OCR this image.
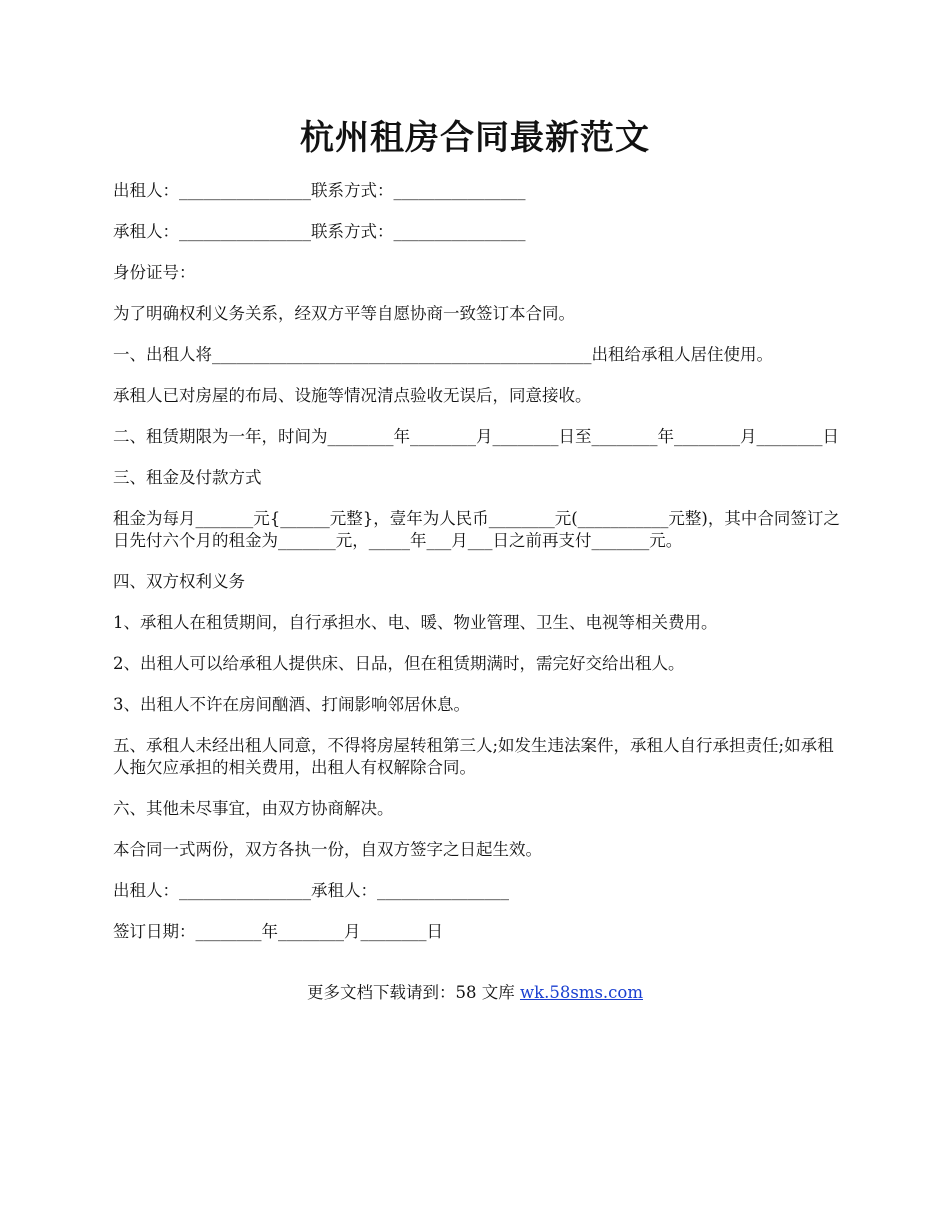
杭州租房合同最新范文

出租人：________________联系方式：________________

承租人：________________联系方式：________________

身份证号：

为了明确权利义务关系，经双方平等自愿协商一致签订本合同。

一、出租人将______________________________________________出租给承租人居住使用。

承租人已对房屋的布局、设施等情况清点验收无误后，同意接收。

二、租赁期限为一年，时间为________年________月________日至________年________月________日

三、租金及付款方式

租金为每月_______元{______元整}，壹年为人民币________元(___________元整)，其中合同签订之日先付六个月的租金为_______元，_____年___月___日之前再支付_______元。

四、双方权利义务

1、承租人在租赁期间，自行承担水、电、暖、物业管理、卫生、电视等相关费用。

2、出租人可以给承租人提供床、日品，但在租赁期满时，需完好交给出租人。

3、出租人不许在房间酗酒、打闹影响邻居休息。

五、承租人未经出租人同意，不得将房屋转租第三人;如发生违法案件，承租人自行承担责任;如承租人拖欠应承担的相关费用，出租人有权解除合同。

六、其他未尽事宜，由双方协商解决。

本合同一式两份，双方各执一份，自双方签字之日起生效。

出租人：________________承租人：________________

签订日期：________年________月________日

更多文档下载请到：58 文库 wk.58sms.com
